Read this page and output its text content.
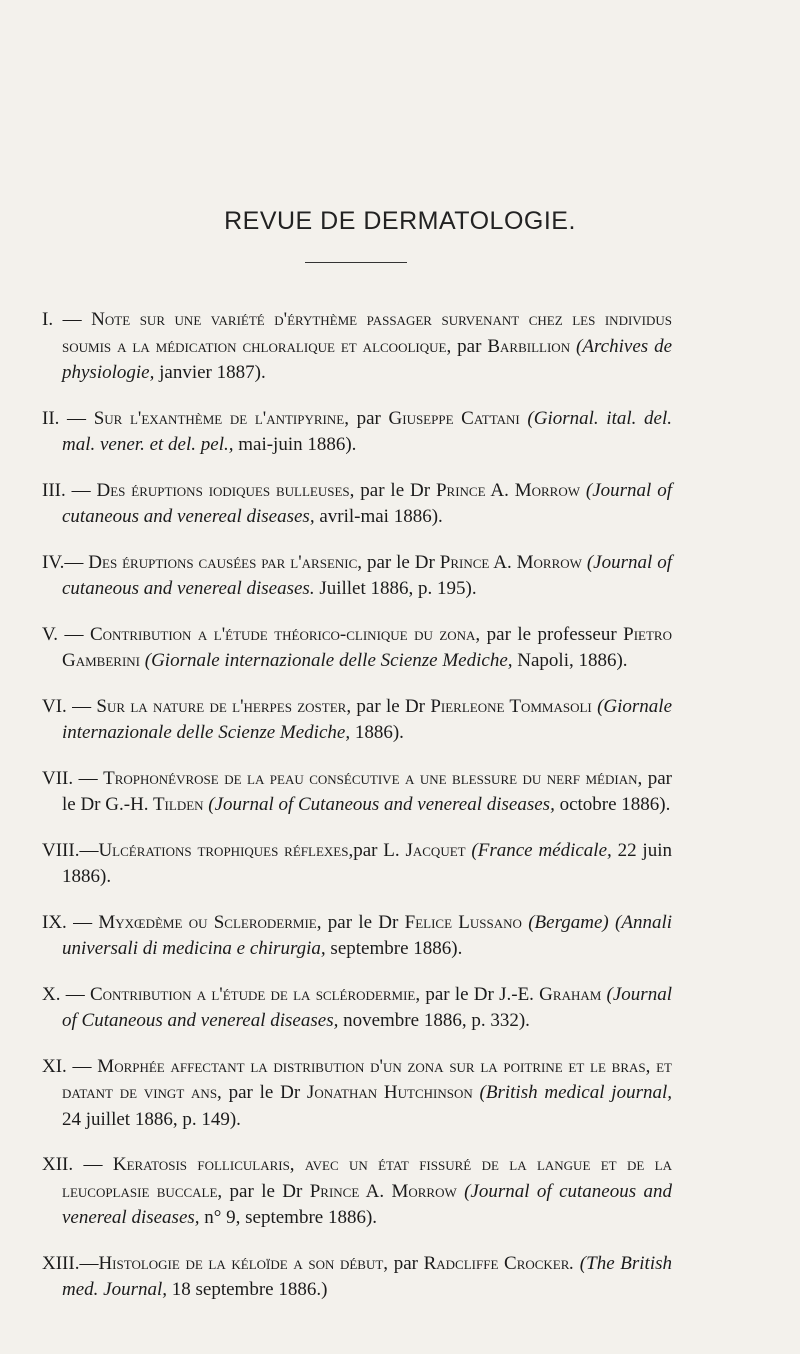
REVUE DE DERMATOLOGIE.

I. — Note sur une variété d'érythème passager survenant chez les individus soumis a la médication chloralique et alcoolique, par Barbillion (Archives de physiologie, janvier 1887).

II. — Sur l'exanthème de l'antipyrine, par Giuseppe Cattani (Giornal. ital. del. mal. vener. et del. pel., mai-juin 1886).

III. — Des éruptions iodiques bulleuses, par le Dr Prince A. Morrow (Journal of cutaneous and venereal diseases, avril-mai 1886).

IV.— Des éruptions causées par l'arsenic, par le Dr Prince A. Morrow (Journal of cutaneous and venereal diseases. Juillet 1886, p. 195).

V. — Contribution a l'étude théorico-clinique du zona, par le professeur Pietro Gamberini (Giornale internazionale delle Scienze Mediche, Napoli, 1886).

VI. — Sur la nature de l'herpes zoster, par le Dr Pierleone Tommasoli (Giornale internazionale delle Scienze Mediche, 1886).

VII. — Trophonévrose de la peau consécutive a une blessure du nerf médian, par le Dr G.-H. Tilden (Journal of Cutaneous and venereal diseases, octobre 1886).

VIII.—Ulcérations trophiques réflexes,par L. Jacquet (France médicale, 22 juin 1886).

IX. — Myxœdème ou Sclerodermie, par le Dr Felice Lussano (Bergame) (Annali universali di medicina e chirurgia, septembre 1886).

X. — Contribution a l'étude de la sclérodermie, par le Dr J.-E. Graham (Journal of Cutaneous and venereal diseases, novembre 1886, p. 332).

XI. — Morphée affectant la distribution d'un zona sur la poitrine et le bras, et datant de vingt ans, par le Dr Jonathan Hutchinson (British medical journal, 24 juillet 1886, p. 149).

XII. — Keratosis follicularis, avec un état fissuré de la langue et de la leucoplasie buccale, par le Dr Prince A. Morrow (Journal of cutaneous and venereal diseases, n° 9, septembre 1886).

XIII.—Histologie de la kéloïde a son début, par Radcliffe Crocker. (The British med. Journal, 18 septembre 1886.)
